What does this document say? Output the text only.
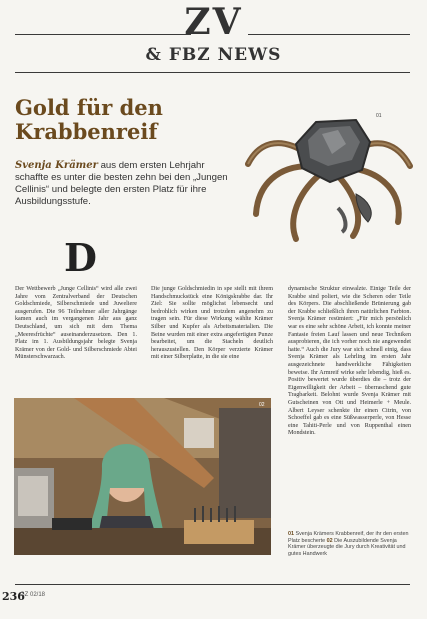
ZV
& FBZ NEWS
Gold für den
Krabbenreif
Svenja Krämer aus dem ersten Lehrjahr schaffte es unter die besten zehn bei den „Jungen Cellinis“ und belegte den ersten Platz für ihre Ausbildungsstufe.
01
D
Der Wettbewerb „Junge Cellinis“ wird alle zwei Jahre vom Zentralverband der Deutschen Goldschmiede, Silberschmiede und Juweliere ausgerufen. Die 96 Teilnehmer aller Jahrgänge kamen auch im vergangenen Jahr aus ganz Deutschland, um sich mit dem Thema „Meeresfrüchte“ auseinanderzusetzen. Den 1. Platz im 1. Ausbildungsjahr belegte Svenja Krämer von der Gold- und Silberschmiede Abtei Münsterschwarzach.
Die junge Goldschmiedin in spe stellt mit ihrem Handschmuckstück eine Königskrabbe dar. Ihr Ziel: Sie sollte möglichst lebensecht und bedrohlich wirken und trotzdem angenehm zu tragen sein. Für diese Wirkung wählte Krämer Silber und Kupfer als Arbeitsmaterialien. Die Beine wurden mit einer extra angefertigten Punze bearbeitet, um die Stacheln deutlich herauszustellen. Den Körper verzierte Krämer mit einer Silberplatte, in die sie eine
dynamische Struktur einwalzte. Einige Teile der Krabbe sind poliert, wie die Scheren oder Teile des Körpers. Die abschließende Brünierung gab der Krabbe schließlich ihren natürlichen Farbton. Svenja Krämer resümiert: „Für mich persönlich war es eine sehr schöne Arbeit, ich konnte meiner Fantasie freien Lauf lassen und neue Techniken ausprobieren, die ich vorher noch nie angewendet hatte.“ Auch die Jury war sich schnell einig, dass Svenja Krämer als Lehrling im ersten Jahr ausgezeichnete handwerkliche Fähigkeiten beweise. Ihr Armreif wirke sehr lebendig, hieß es. Positiv bewertet wurde überdies die – trotz der Eigenwilligkeit der Arbeit – überraschend gute Tragbarkeit. Belohnt wurde Svenja Krämer mit Gutscheinen von Ott und Heimerle + Meule. Albert Leyser schenkte ihr einen Citrin, von Schoeffel gab es eine Süßwasserperle, von Hesse eine Tahiti-Perle und von Ruppenthal einen Mondstein.
02
01 Svenja Krämers Krabbenreif, der ihr den ersten Platz bescherte 02 Die Auszubildende Svenja Krämer überzeugte die Jury durch Kreativität und gutes Handwerk
236
GZ 02/18
